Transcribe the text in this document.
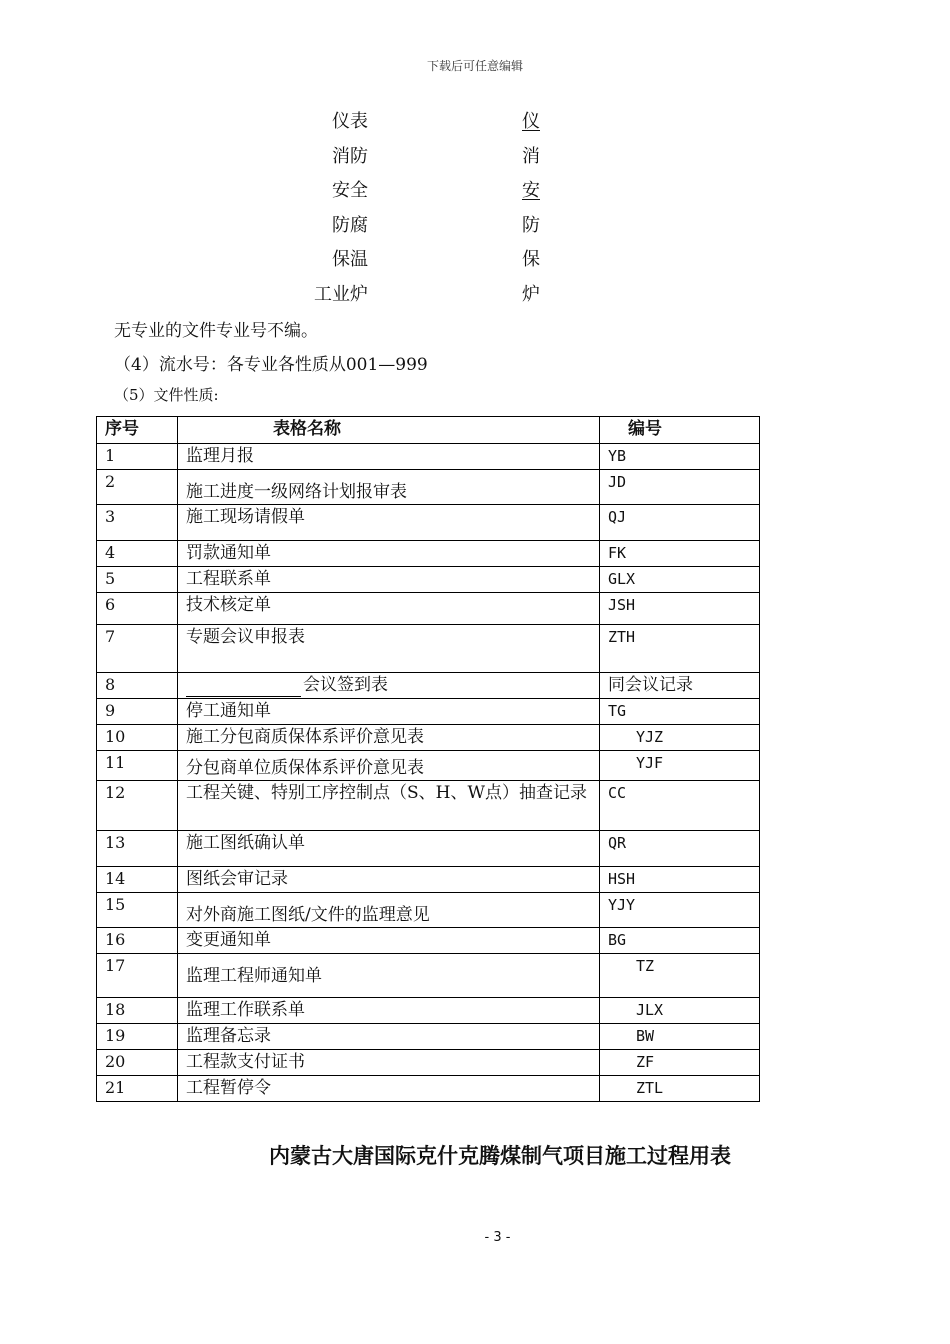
下载后可任意编辑
仪表	仪
消防	消
安全	安
防腐	防
保温	保
工业炉	炉
无专业的文件专业号不编。
（4）流水号：各专业各性质从001—999
（5）文件性质:
序号	表格名称	编号
1	监理月报	YB
2	施工进度一级网络计划报审表	JD
3	施工现场请假单	QJ
4	罚款通知单	FK
5	工程联系单	GLX
6	技术核定单	JSH
7	专题会议申报表	ZTH
8	会议签到表	同会议记录
9	停工通知单	TG
10	施工分包商质保体系评价意见表	YJZ
11	分包商单位质保体系评价意见表	YJF
12	工程关键、特别工序控制点（S、H、W点）抽查记录	CC
13	施工图纸确认单	QR
14	图纸会审记录	HSH
15	对外商施工图纸/文件的监理意见	YJY
16	变更通知单	BG
17	监理工程师通知单	TZ
18	监理工作联系单	JLX
19	监理备忘录	BW
20	工程款支付证书	ZF
21	工程暂停令	ZTL
内蒙古大唐国际克什克腾煤制气项目施工过程用表
- 3 -
